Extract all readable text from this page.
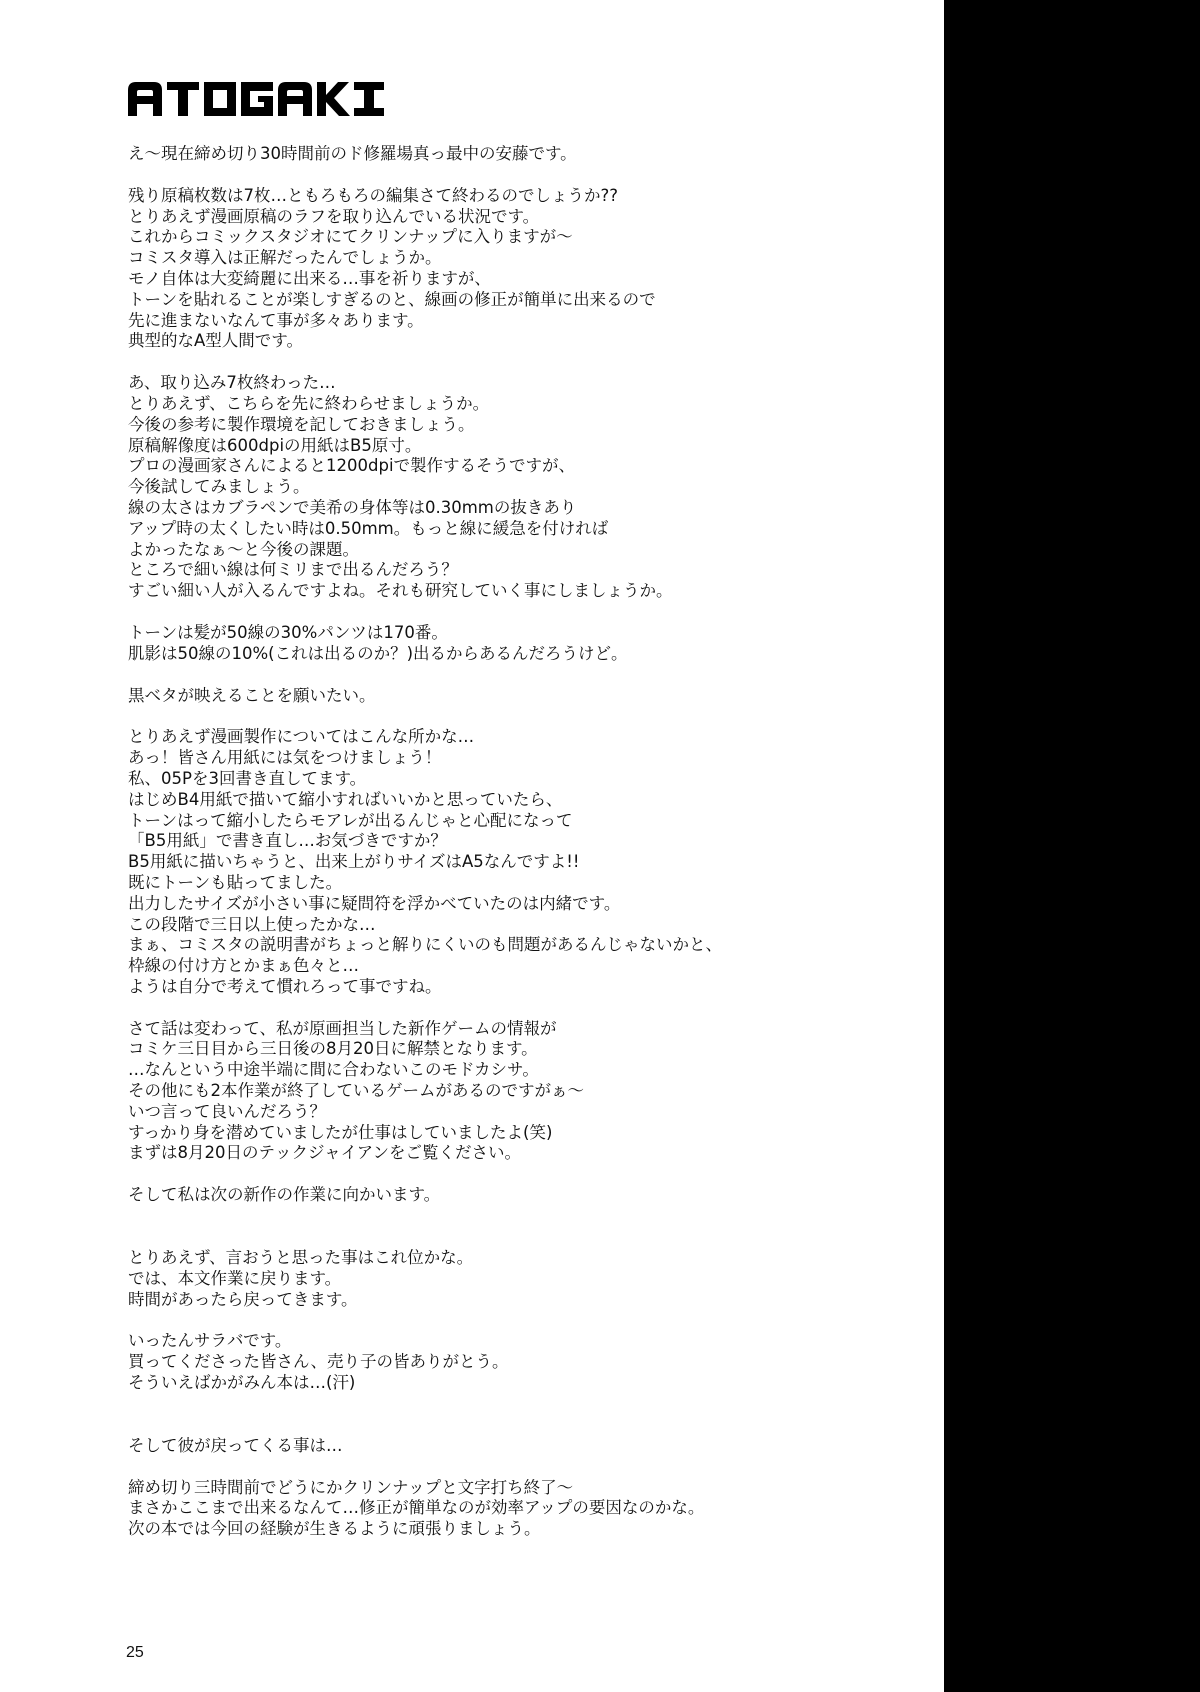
え～現在締め切り30時間前のド修羅場真っ最中の安藤です。
残り原稿枚数は7枚…ともろもろの編集さて終わるのでしょうか??
とりあえず漫画原稿のラフを取り込んでいる状況です。
これからコミックスタジオにてクリンナップに入りますが～
コミスタ導入は正解だったんでしょうか。
モノ自体は大変綺麗に出来る…事を祈りますが、
トーンを貼れることが楽しすぎるのと、線画の修正が簡単に出来るので
先に進まないなんて事が多々あります。
典型的なA型人間です。
あ、取り込み7枚終わった…
とりあえず、こちらを先に終わらせましょうか。
今後の参考に製作環境を記しておきましょう。
原稿解像度は600dpiの用紙はB5原寸。
プロの漫画家さんによると1200dpiで製作するそうですが、
今後試してみましょう。
線の太さはカブラペンで美希の身体等は0.30mmの抜きあり
アップ時の太くしたい時は0.50mm。もっと線に緩急を付ければ
よかったなぁ～と今後の課題。
ところで細い線は何ミリまで出るんだろう？
すごい細い人が入るんですよね。それも研究していく事にしましょうか。
トーンは髪が50線の30%パンツは170番。
肌影は50線の10%(これは出るのか？)出るからあるんだろうけど。
黒ベタが映えることを願いたい。
とりあえず漫画製作についてはこんな所かな…
あっ！皆さん用紙には気をつけましょう！
私、05Pを3回書き直してます。
はじめB4用紙で描いて縮小すればいいかと思っていたら、
トーンはって縮小したらモアレが出るんじゃと心配になって
「B5用紙」で書き直し…お気づきですか？
B5用紙に描いちゃうと、出来上がりサイズはA5なんですよ!!
既にトーンも貼ってました。
出力したサイズが小さい事に疑問符を浮かべていたのは内緒です。
この段階で三日以上使ったかな…
まぁ、コミスタの説明書がちょっと解りにくいのも問題があるんじゃないかと、
枠線の付け方とかまぁ色々と…
ようは自分で考えて慣れろって事ですね。
さて話は変わって、私が原画担当した新作ゲームの情報が
コミケ三日目から三日後の8月20日に解禁となります。
…なんという中途半端に間に合わないこのモドカシサ。
その他にも2本作業が終了しているゲームがあるのですがぁ～
いつ言って良いんだろう？
すっかり身を潜めていましたが仕事はしていましたよ(笑)
まずは8月20日のテックジャイアンをご覧ください。
そして私は次の新作の作業に向かいます。
とりあえず、言おうと思った事はこれ位かな。
では、本文作業に戻ります。
時間があったら戻ってきます。
いったんサラバです。
買ってくださった皆さん、売り子の皆ありがとう。
そういえばかがみん本は…(汗)
そして彼が戻ってくる事は…
締め切り三時間前でどうにかクリンナップと文字打ち終了～
まさかここまで出来るなんて…修正が簡単なのが効率アップの要因なのかな。
次の本では今回の経験が生きるように頑張りましょう。
25
